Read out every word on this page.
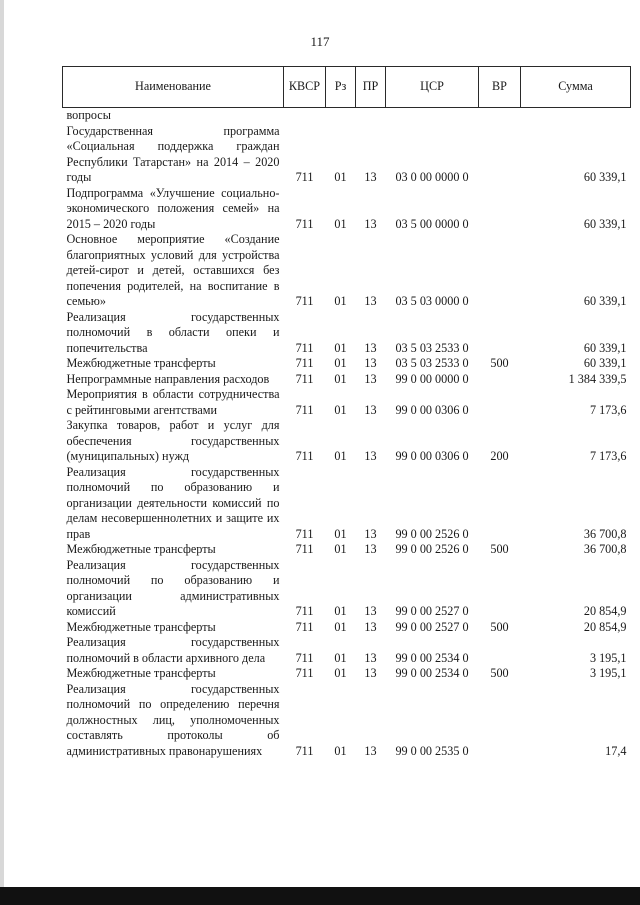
117
Наименование	КВСР	Рз	ПР	ЦСР	ВР	Сумма
вопросы						
Государственная программа «Социальная поддержка граждан Республики Татарстан» на 2014 – 2020 годы	711	01	13	03 0 00 0000 0		60 339,1
Подпрограмма «Улучшение социально-экономического положения семей» на 2015 – 2020 годы	711	01	13	03 5 00 0000 0		60 339,1
Основное мероприятие «Создание благоприятных условий для устройства детей-сирот и детей, оставшихся без попечения родителей, на воспитание в семью»	711	01	13	03 5 03 0000 0		60 339,1
Реализация государственных полномочий в области опеки и попечительства	711	01	13	03 5 03 2533 0		60 339,1
Межбюджетные трансферты	711	01	13	03 5 03 2533 0	500	60 339,1
Непрограммные направления расходов	711	01	13	99 0 00 0000 0		1 384 339,5
Мероприятия в области сотрудничества с рейтинговыми агентствами	711	01	13	99 0 00 0306 0		7 173,6
Закупка товаров, работ и услуг для обеспечения государственных (муниципальных) нужд	711	01	13	99 0 00 0306 0	200	7 173,6
Реализация государственных полномочий по образованию и организации деятельности комиссий по делам несовершеннолетних и защите их прав	711	01	13	99 0 00 2526 0		36 700,8
Межбюджетные трансферты	711	01	13	99 0 00 2526 0	500	36 700,8
Реализация государственных полномочий по образованию и организации административных комиссий	711	01	13	99 0 00 2527 0		20 854,9
Межбюджетные трансферты	711	01	13	99 0 00 2527 0	500	20 854,9
Реализация государственных полномочий в области архивного дела	711	01	13	99 0 00 2534 0		3 195,1
Межбюджетные трансферты	711	01	13	99 0 00 2534 0	500	3 195,1
Реализация государственных полномочий по определению перечня должностных лиц, уполномоченных составлять протоколы об административных правонарушениях	711	01	13	99 0 00 2535 0		17,4
